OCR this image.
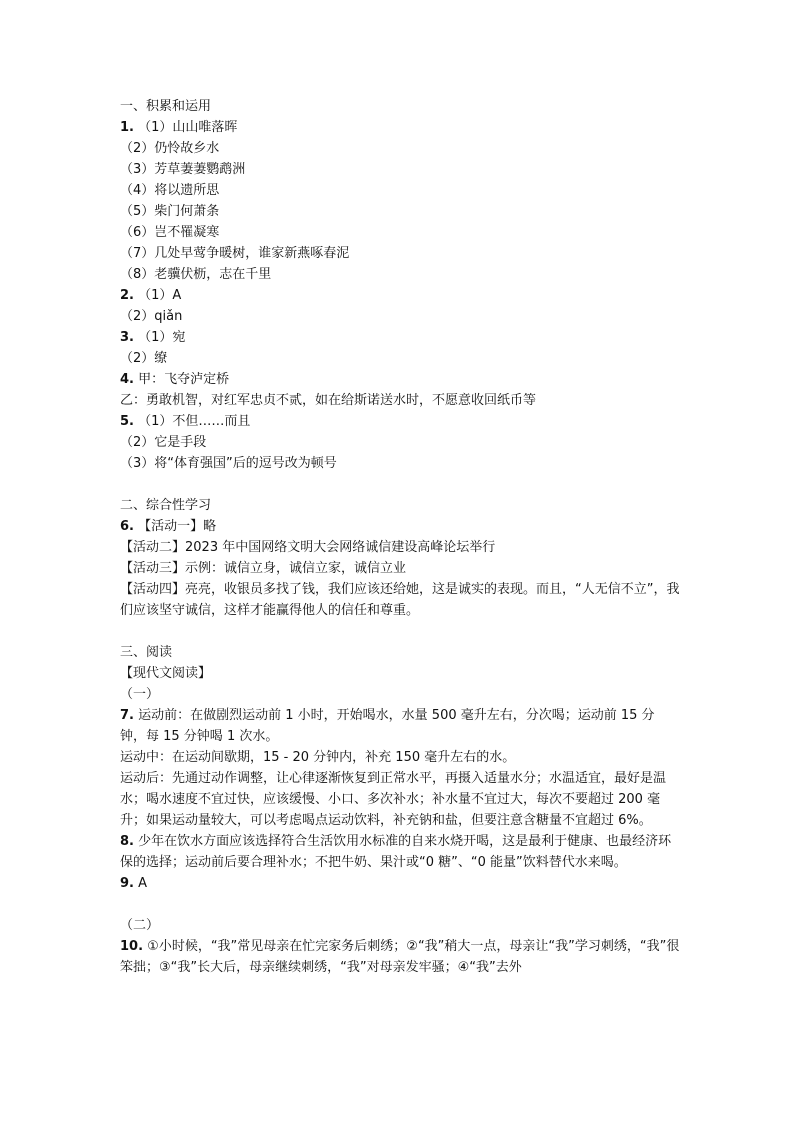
一、积累和运用

1. （1）山山唯落晖

（2）仍怜故乡水

（3）芳草萋萋鹦鹉洲

（4）将以遗所思

（5）柴门何萧条

（6）岂不罹凝寒

（7）几处早莺争暖树，谁家新燕啄春泥

（8）老骥伏枥，志在千里

2. （1）A

（2）qiǎn

3. （1）宛

（2）缭

4. 甲：飞夺泸定桥

乙：勇敢机智，对红军忠贞不贰，如在给斯诺送水时，不愿意收回纸币等

5. （1）不但……而且

（2）它是手段

（3）将“体育强国”后的逗号改为顿号

二、综合性学习

6. 【活动一】略

【活动二】2023 年中国网络文明大会网络诚信建设高峰论坛举行

【活动三】示例：诚信立身，诚信立家，诚信立业

【活动四】亮亮，收银员多找了钱，我们应该还给她，这是诚实的表现。而且，“人无信不立”，我们应该坚守诚信，这样才能赢得他人的信任和尊重。

三、阅读

【现代文阅读】

（一）

7. 运动前：在做剧烈运动前 1 小时，开始喝水，水量 500 毫升左右，分次喝；运动前 15 分钟，每 15 分钟喝 1 次水。

运动中：在运动间歇期，15 - 20 分钟内，补充 150 毫升左右的水。

运动后：先通过动作调整，让心律逐渐恢复到正常水平，再摄入适量水分；水温适宜，最好是温水；喝水速度不宜过快，应该缓慢、小口、多次补水；补水量不宜过大，每次不要超过 200 毫升；如果运动量较大，可以考虑喝点运动饮料，补充钠和盐，但要注意含糖量不宜超过 6%。

8. 少年在饮水方面应该选择符合生活饮用水标准的自来水烧开喝，这是最利于健康、也最经济环保的选择；运动前后要合理补水；不把牛奶、果汁或“0 糖”、“0 能量”饮料替代水来喝。

9. A

（二）

10. ①小时候，“我”常见母亲在忙完家务后刺绣；②“我”稍大一点，母亲让“我”学习刺绣，“我”很笨拙；③“我”长大后，母亲继续刺绣，“我”对母亲发牢骚；④“我”去外
